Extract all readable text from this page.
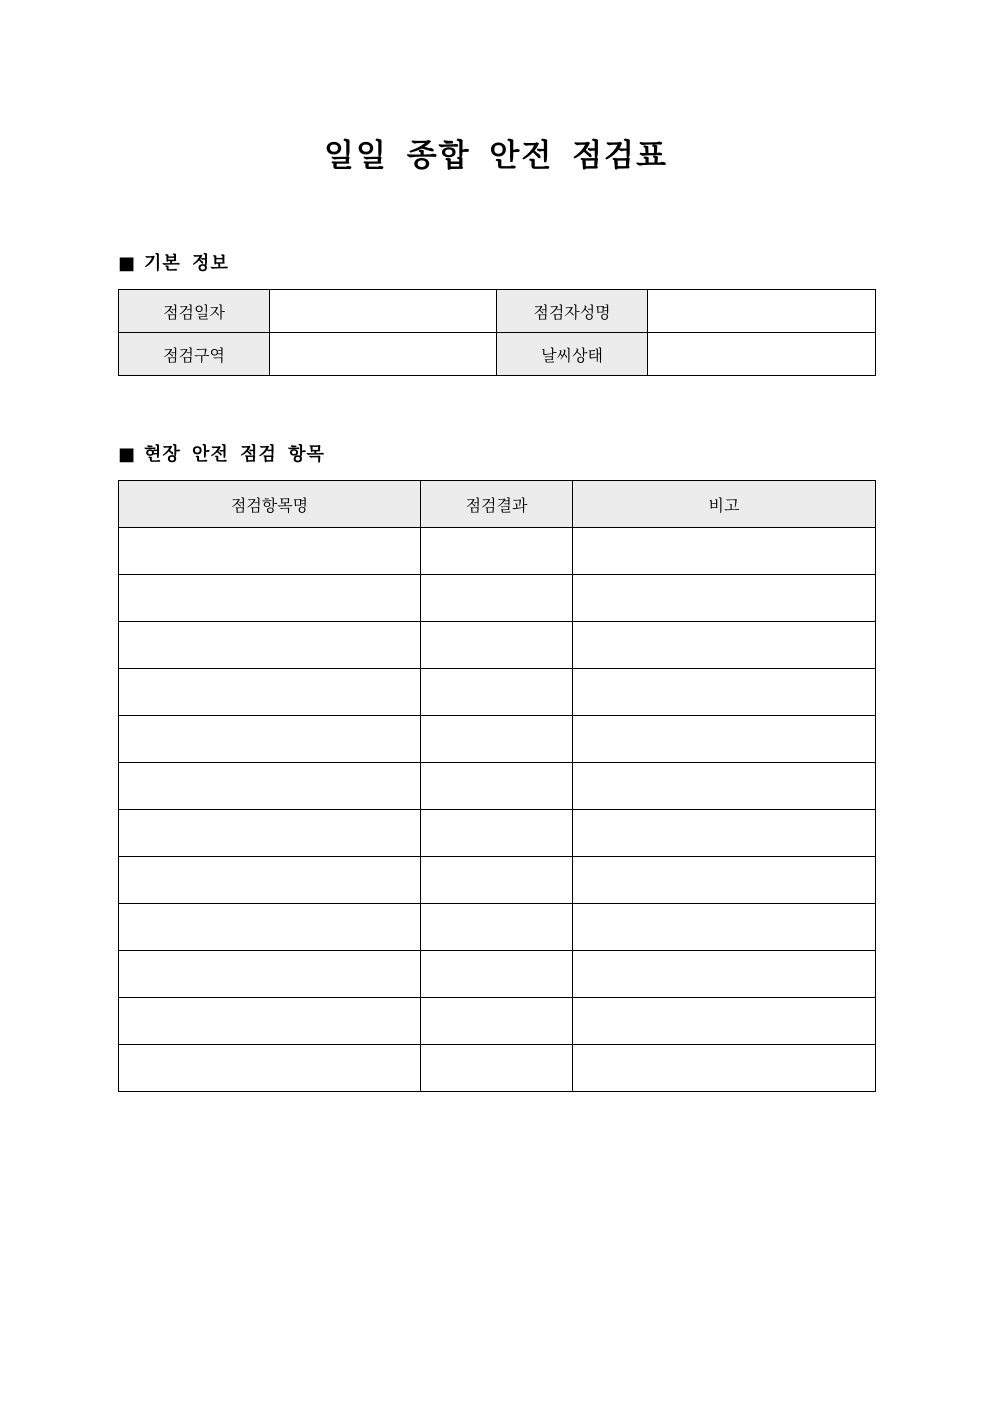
일일 종합 안전 점검표
■ 기본 정보
점검일자		점검자성명	
점검구역		날씨상태	
■ 현장 안전 점검 항목
점검항목명	점검결과	비고
